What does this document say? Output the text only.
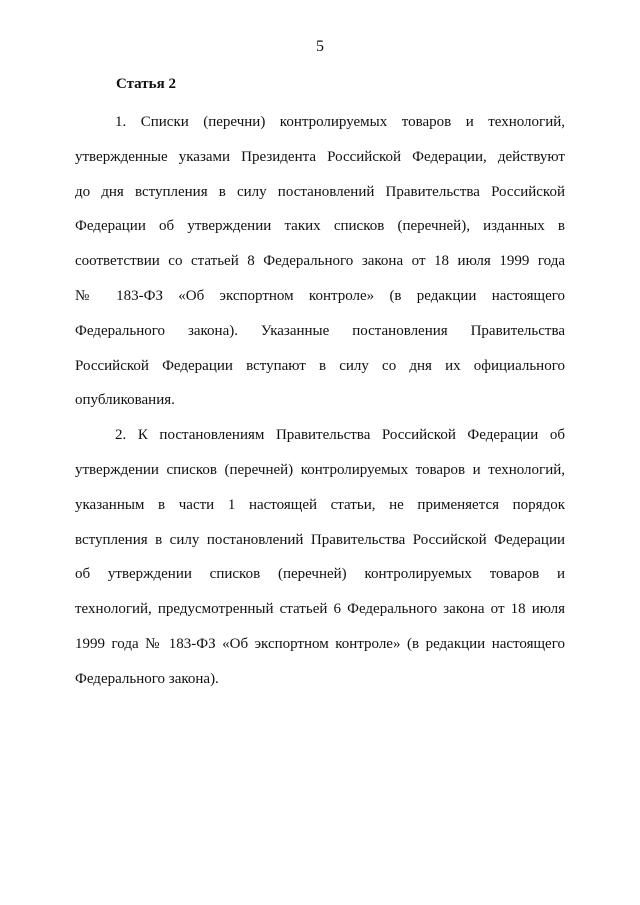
5
Статья 2
1. Списки (перечни) контролируемых товаров и технологий,
утвержденные указами Президента Российской Федерации, действуют
до дня вступления в силу постановлений Правительства Российской
Федерации об утверждении таких списков (перечней), изданных в
соответствии со статьей 8 Федерального закона от 18 июля 1999 года
№ 183-ФЗ «Об экспортном контроле» (в редакции настоящего
Федерального закона). Указанные постановления Правительства
Российской Федерации вступают в силу со дня их официального
опубликования.
2. К постановлениям Правительства Российской Федерации об
утверждении списков (перечней) контролируемых товаров и технологий,
указанным в части 1 настоящей статьи, не применяется порядок
вступления в силу постановлений Правительства Российской Федерации
об утверждении списков (перечней) контролируемых товаров и
технологий, предусмотренный статьей 6 Федерального закона от 18 июля
1999 года № 183-ФЗ «Об экспортном контроле» (в редакции настоящего
Федерального закона).
